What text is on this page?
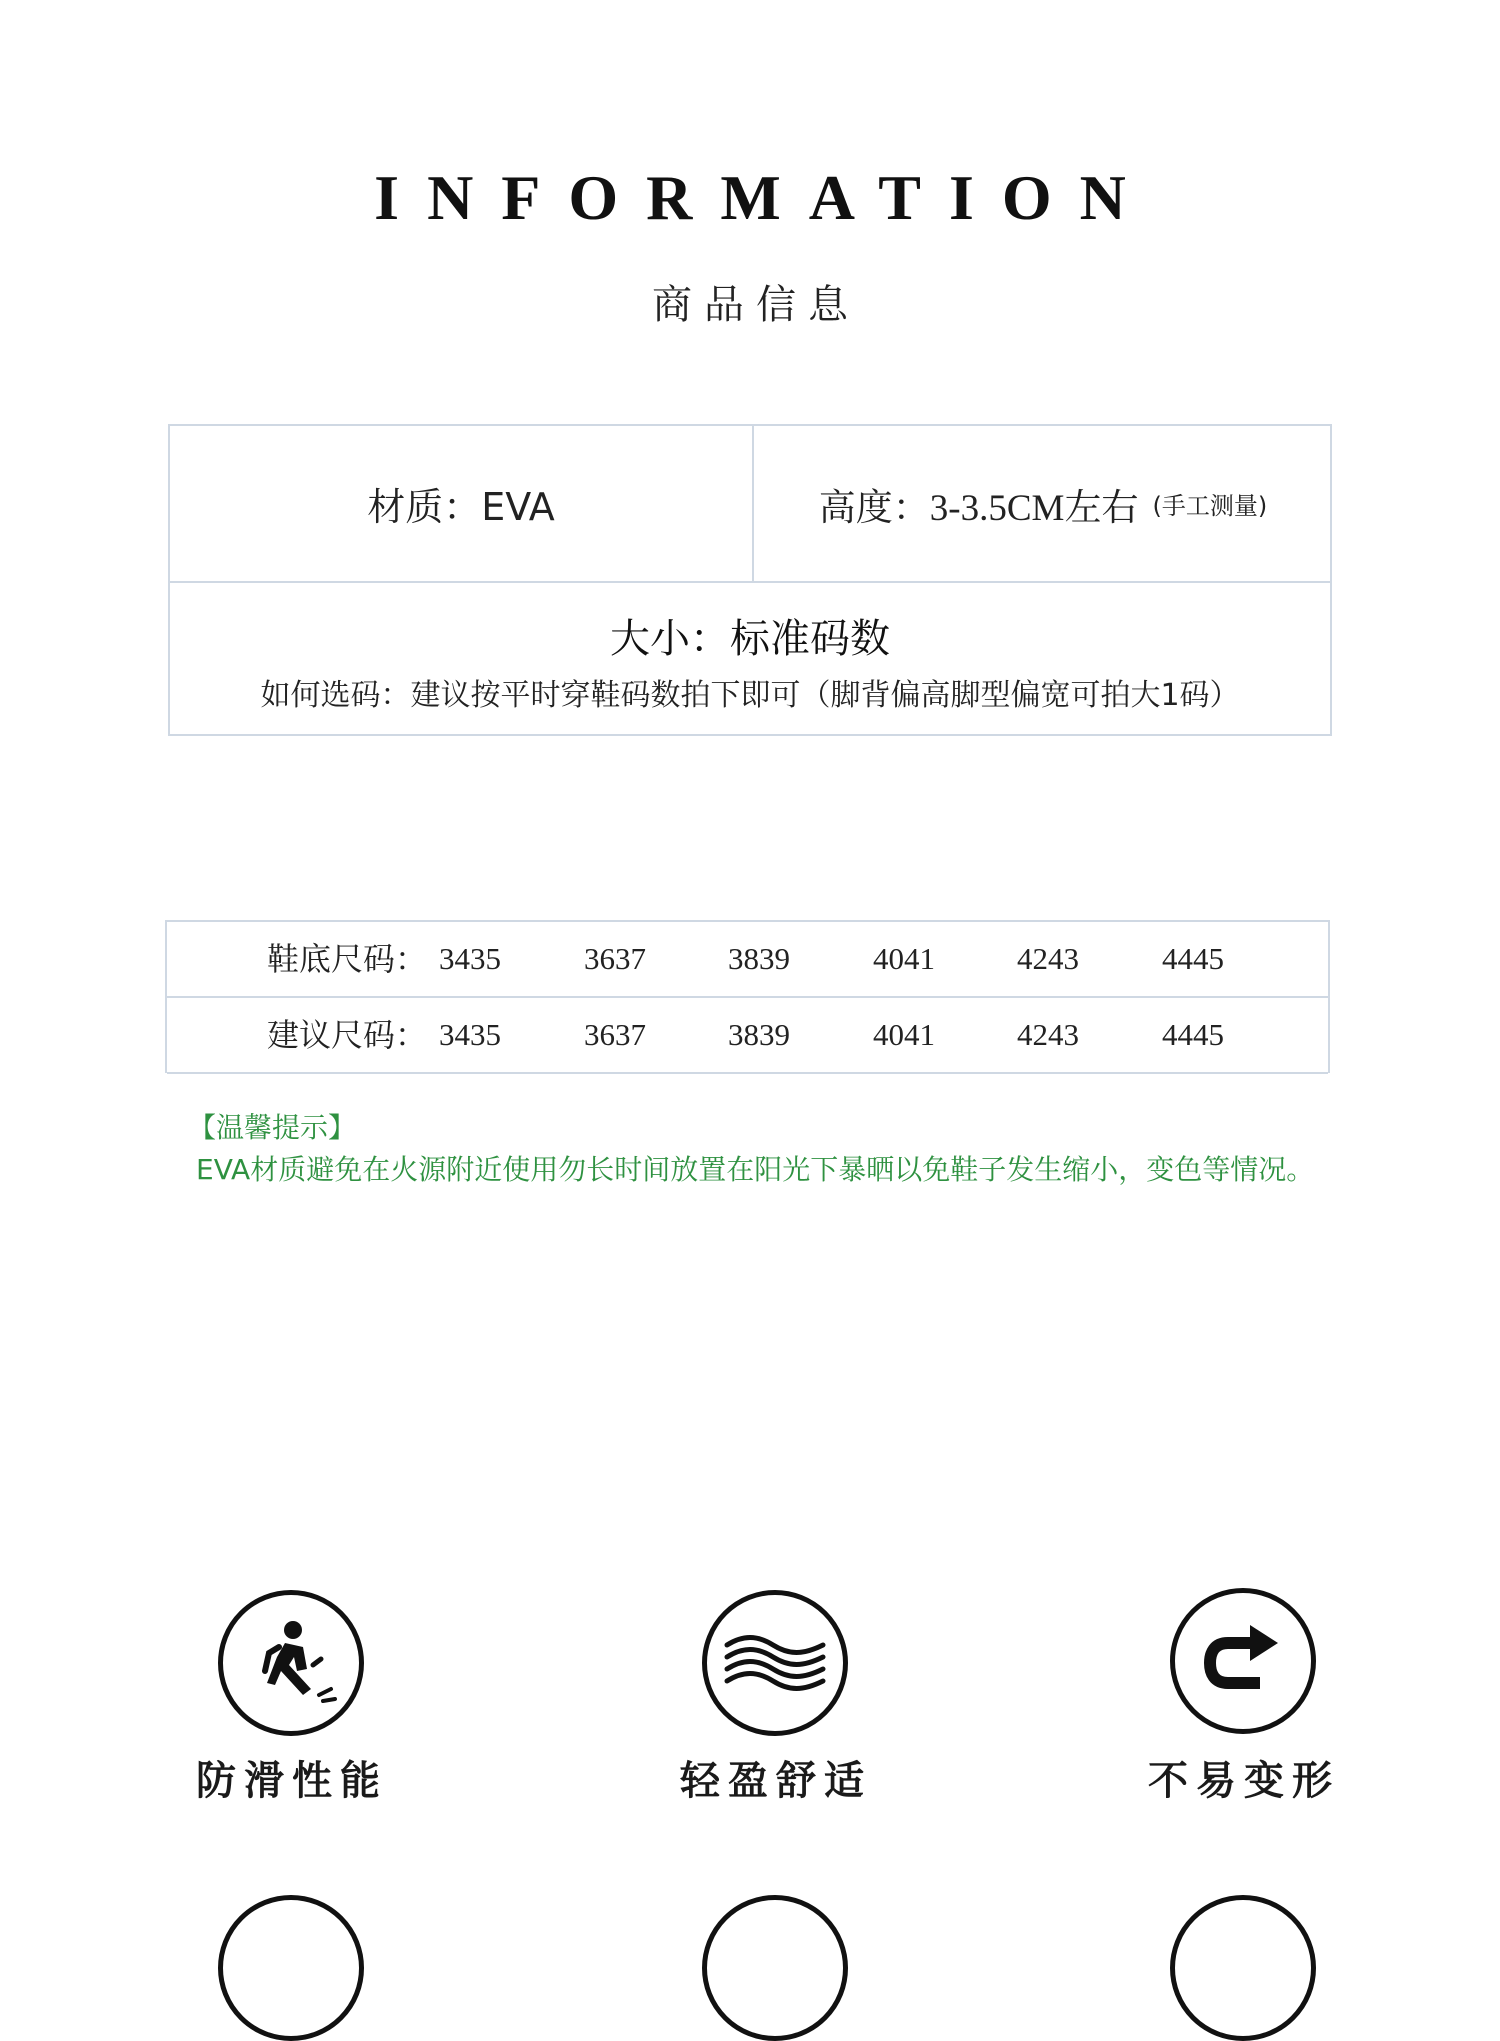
INFORMATION
商品信息
材质：EVA	高度： 3-3.5CM左右 (手工测量)
大小：标准码数
如何选码：建议按平时穿鞋码数拍下即可（脚背偏高脚型偏宽可拍大1码）
鞋底尺码： 3435	3637	3839	4041	4243	4445
建议尺码： 3435	3637	3839	4041	4243	4445
【温馨提示】
EVA材质避免在火源附近使用勿长时间放置在阳光下暴晒以免鞋子发生缩小，变色等情况。
防滑性能	轻盈舒适	不易变形
